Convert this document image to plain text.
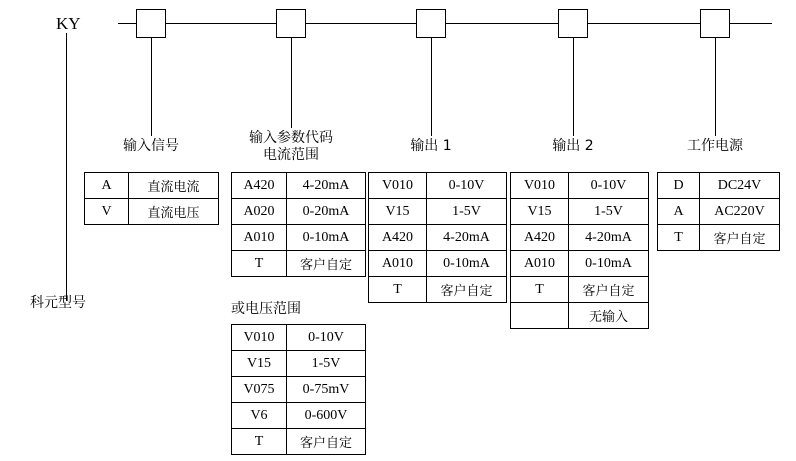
KY
科元型号
输入信号	输入参数代码
电流范围
输出 1	输出 2	工作电源
A	直流电流
V	直流电压
A420	4-20mA
A020	0-20mA
A010	0-10mA
T	客户自定
V010	0-10V
V15	1-5V
A420	4-20mA
A010	0-10mA
T	客户自定
V010	0-10V
V15	1-5V
A420	4-20mA
A010	0-10mA
T	客户自定
	无输入
D	DC24V
A	AC220V
T	客户自定
或电压范围
V010	0-10V
V15	1-5V
V075	0-75mV
V6	0-600V
T	客户自定
